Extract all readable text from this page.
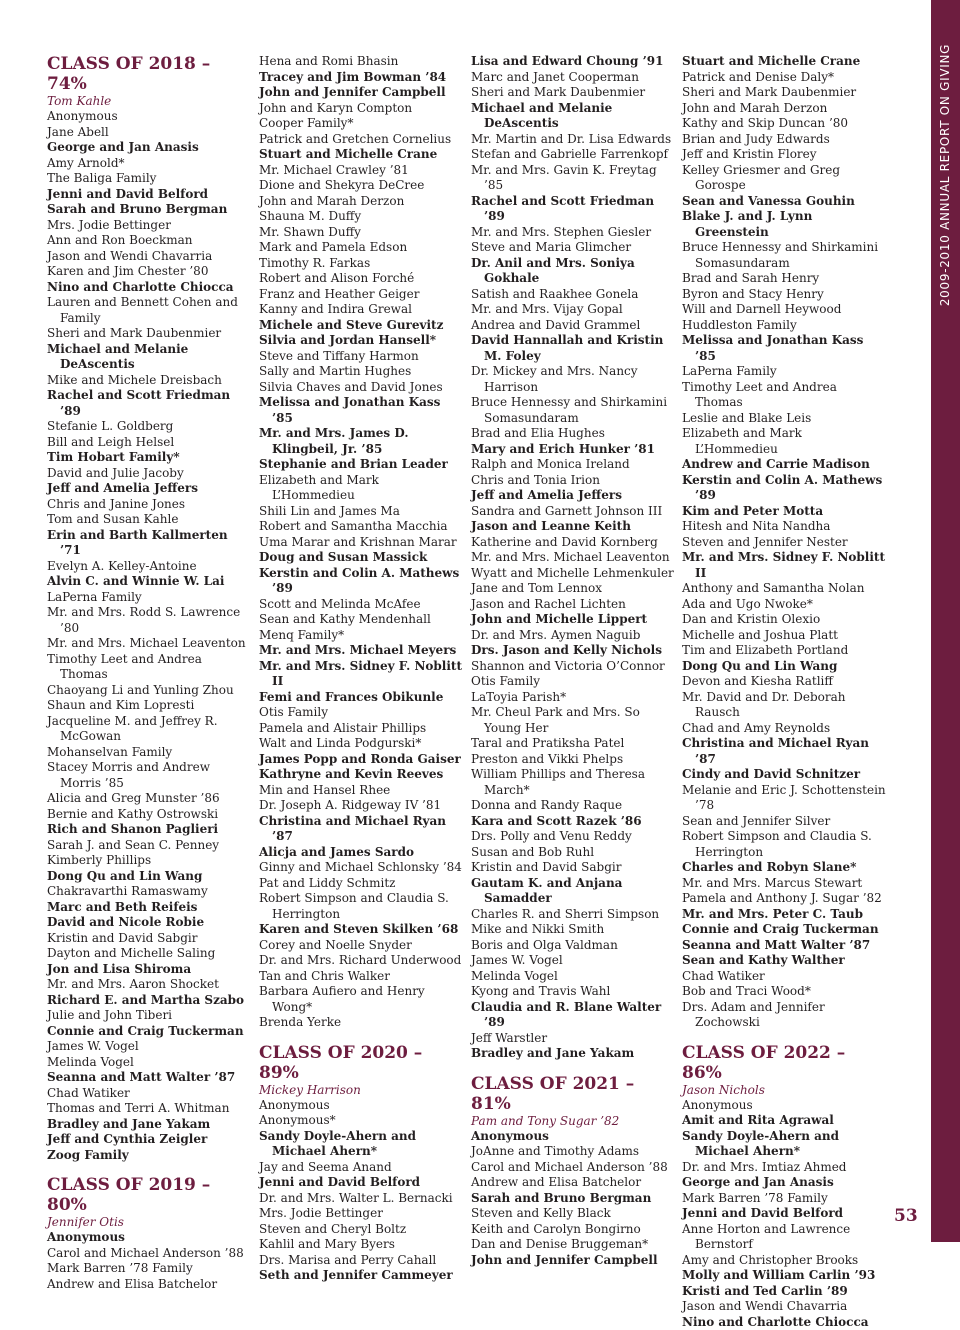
2009-2010 ANNUAL REPORT ON GIVING
CLASS OF 2018 – 74%

Tom Kahle

Anonymous
Jane Abell
George and Jan Anasis
Amy Arnold*
The Baliga Family
Jenni and David Belford
Sarah and Bruno Bergman
Mrs. Jodie Bettinger
Ann and Ron Boeckman
Jason and Wendi Chavarria
Karen and Jim Chester ’80
Nino and Charlotte Chiocca
Lauren and Bennett Cohen and Family
Sheri and Mark Daubenmier
Michael and Melanie DeAscentis
Mike and Michele Dreisbach
Rachel and Scott Friedman ’89
Stefanie L. Goldberg
Bill and Leigh Helsel
Tim Hobart Family*
David and Julie Jacoby
Jeff and Amelia Jeffers
Chris and Janine Jones
Tom and Susan Kahle
Erin and Barth Kallmerten ’71
Evelyn A. Kelley-Antoine
Alvin C. and Winnie W. Lai
LaPerna Family
Mr. and Mrs. Rodd S. Lawrence ’80
Mr. and Mrs. Michael Leaventon
Timothy Leet and Andrea Thomas
Chaoyang Li and Yunling Zhou
Shaun and Kim Lopresti
Jacqueline M. and Jeffrey R. McGowan
Mohanselvan Family
Stacey Morris and Andrew Morris ’85
Alicia and Greg Munster ’86
Bernie and Kathy Ostrowski
Rich and Shanon Paglieri
Sarah J. and Sean C. Penney
Kimberly Phillips
Dong Qu and Lin Wang
Chakravarthi Ramaswamy
Marc and Beth Reifeis
David and Nicole Robie
Kristin and David Sabgir
Dayton and Michelle Saling
Jon and Lisa Shiroma
Mr. and Mrs. Aaron Shocket
Richard E. and Martha Szabo
Julie and John Tiberi
Connie and Craig Tuckerman
James W. Vogel
Melinda Vogel
Seanna and Matt Walter ’87
Chad Watiker
Thomas and Terri A. Whitman
Bradley and Jane Yakam
Jeff and Cynthia Zeigler
Zoog Family
CLASS OF 2019 – 80%

Jennifer Otis

Anonymous
Carol and Michael Anderson ’88
Mark Barren ’78 Family
Andrew and Elisa Batchelor
Hena and Romi Bhasin
Tracey and Jim Bowman ’84
John and Jennifer Campbell
John and Karyn Compton
Cooper Family*
Patrick and Gretchen Cornelius
Stuart and Michelle Crane
Mr. Michael Crawley ’81
Dione and Shekyra DeCree
John and Marah Derzon
Shauna M. Duffy
Mr. Shawn Duffy
Mark and Pamela Edson
Timothy R. Farkas
Robert and Alison Forché
Franz and Heather Geiger
Kanny and Indira Grewal
Michele and Steve Gurevitz
Silvia and Jordan Hansell*
Steve and Tiffany Harmon
Sally and Martin Hughes
Silvia Chaves and David Jones
Melissa and Jonathan Kass ’85
Mr. and Mrs. James D. Klingbeil, Jr. ’85
Stephanie and Brian Leader
Elizabeth and Mark L’Hommedieu
Shili Lin and James Ma
Robert and Samantha Macchia
Uma Marar and Krishnan Marar
Doug and Susan Massick
Kerstin and Colin A. Mathews ’89
Scott and Melinda McAfee
Sean and Kathy Mendenhall
Menq Family*
Mr. and Mrs. Michael Meyers
Mr. and Mrs. Sidney F. Noblitt II
Femi and Frances Obikunle
Otis Family
Pamela and Alistair Phillips
Walt and Linda Podgurski*
James Popp and Ronda Gaiser
Kathryne and Kevin Reeves
Min and Hansel Rhee
Dr. Joseph A. Ridgeway IV ’81
Christina and Michael Ryan ’87
Alicja and James Sardo
Ginny and Michael Schlonsky ’84
Pat and Liddy Schmitz
Robert Simpson and Claudia S. Herrington
Karen and Steven Skilken ’68
Corey and Noelle Snyder
Dr. and Mrs. Richard Underwood
Tan and Chris Walker
Barbara Aufiero and Henry Wong*
Brenda Yerke
CLASS OF 2020 – 89%

Mickey Harrison

Anonymous
Anonymous*
Sandy Doyle-Ahern and Michael Ahern*
Jay and Seema Anand
Jenni and David Belford
Dr. and Mrs. Walter L. Bernacki
Mrs. Jodie Bettinger
Steven and Cheryl Boltz
Kahlil and Mary Byers
Drs. Marisa and Perry Cahall
Seth and Jennifer Cammeyer
Lisa and Edward Choung ’91
Marc and Janet Cooperman
Sheri and Mark Daubenmier
Michael and Melanie DeAscentis
Mr. Martin and Dr. Lisa Edwards
Stefan and Gabrielle Farrenkopf
Mr. and Mrs. Gavin K. Freytag ’85
Rachel and Scott Friedman ’89
Mr. and Mrs. Stephen Giesler
Steve and Maria Glimcher
Dr. Anil and Mrs. Soniya Gokhale
Satish and Raakhee Gonela
Mr. and Mrs. Vijay Gopal
Andrea and David Grammel
David Hannallah and Kristin M. Foley
Dr. Mickey and Mrs. Nancy Harrison
Bruce Hennessy and Shirkamini Somasundaram
Brad and Elia Hughes
Mary and Erich Hunker ’81
Ralph and Monica Ireland
Chris and Tonia Irion
Jeff and Amelia Jeffers
Sandra and Garnett Johnson III
Jason and Leanne Keith
Katherine and David Kornberg
Mr. and Mrs. Michael Leaventon
Wyatt and Michelle Lehmenkuler
Jane and Tom Lennox
Jason and Rachel Lichten
John and Michelle Lippert
Dr. and Mrs. Aymen Naguib
Drs. Jason and Kelly Nichols
Shannon and Victoria O’Connor
Otis Family
LaToyia Parish*
Mr. Cheul Park and Mrs. So Young Her
Taral and Pratiksha Patel
Preston and Vikki Phelps
William Phillips and Theresa March*
Donna and Randy Raque
Kara and Scott Razek ’86
Drs. Polly and Venu Reddy
Susan and Bob Ruhl
Kristin and David Sabgir
Gautam K. and Anjana Samadder
Charles R. and Sherri Simpson
Mike and Nikki Smith
Boris and Olga Valdman
James W. Vogel
Melinda Vogel
Kyong and Travis Wahl
Claudia and R. Blane Walter ’89
Jeff Warstler
Bradley and Jane Yakam
CLASS OF 2021 – 81%

Pam and Tony Sugar ’82

Anonymous
JoAnne and Timothy Adams
Carol and Michael Anderson ’88
Andrew and Elisa Batchelor
Sarah and Bruno Bergman
Steven and Kelly Black
Keith and Carolyn Bongirno
Dan and Denise Bruggeman*
John and Jennifer Campbell
Stuart and Michelle Crane
Patrick and Denise Daly*
Sheri and Mark Daubenmier
John and Marah Derzon
Kathy and Skip Duncan ’80
Brian and Judy Edwards
Jeff and Kristin Florey
Kelley Griesmer and Greg Gorospe
Sean and Vanessa Gouhin
Blake J. and J. Lynn Greenstein
Bruce Hennessy and Shirkamini Somasundaram
Brad and Sarah Henry
Byron and Stacy Henry
Will and Darnell Heywood
Huddleston Family
Melissa and Jonathan Kass ’85
LaPerna Family
Timothy Leet and Andrea Thomas
Leslie and Blake Leis
Elizabeth and Mark L’Hommedieu
Andrew and Carrie Madison
Kerstin and Colin A. Mathews ’89
Kim and Peter Motta
Hitesh and Nita Nandha
Steven and Jennifer Nester
Mr. and Mrs. Sidney F. Noblitt II
Anthony and Samantha Nolan
Ada and Ugo Nwoke*
Dan and Kristin Olexio
Michelle and Joshua Platt
Tim and Elizabeth Portland
Dong Qu and Lin Wang
Devon and Kiesha Ratliff
Mr. David and Dr. Deborah Rausch
Chad and Amy Reynolds
Christina and Michael Ryan ’87
Cindy and David Schnitzer
Melanie and Eric J. Schottenstein ’78
Sean and Jennifer Silver
Robert Simpson and Claudia S. Herrington
Charles and Robyn Slane*
Mr. and Mrs. Marcus Stewart
Pamela and Anthony J. Sugar ’82
Mr. and Mrs. Peter C. Taub
Connie and Craig Tuckerman
Seanna and Matt Walter ’87
Sean and Kathy Walther
Chad Watiker
Bob and Traci Wood*
Drs. Adam and Jennifer Zochowski
CLASS OF 2022 – 86%

Jason Nichols

Anonymous
Amit and Rita Agrawal
Sandy Doyle-Ahern and Michael Ahern*
Dr. and Mrs. Imtiaz Ahmed
George and Jan Anasis
Mark Barren ’78 Family
Jenni and David Belford
Anne Horton and Lawrence Bernstorf
Amy and Christopher Brooks
Molly and William Carlin ’93
Kristi and Ted Carlin ’89
Jason and Wendi Chavarria
Nino and Charlotte Chiocca
53
